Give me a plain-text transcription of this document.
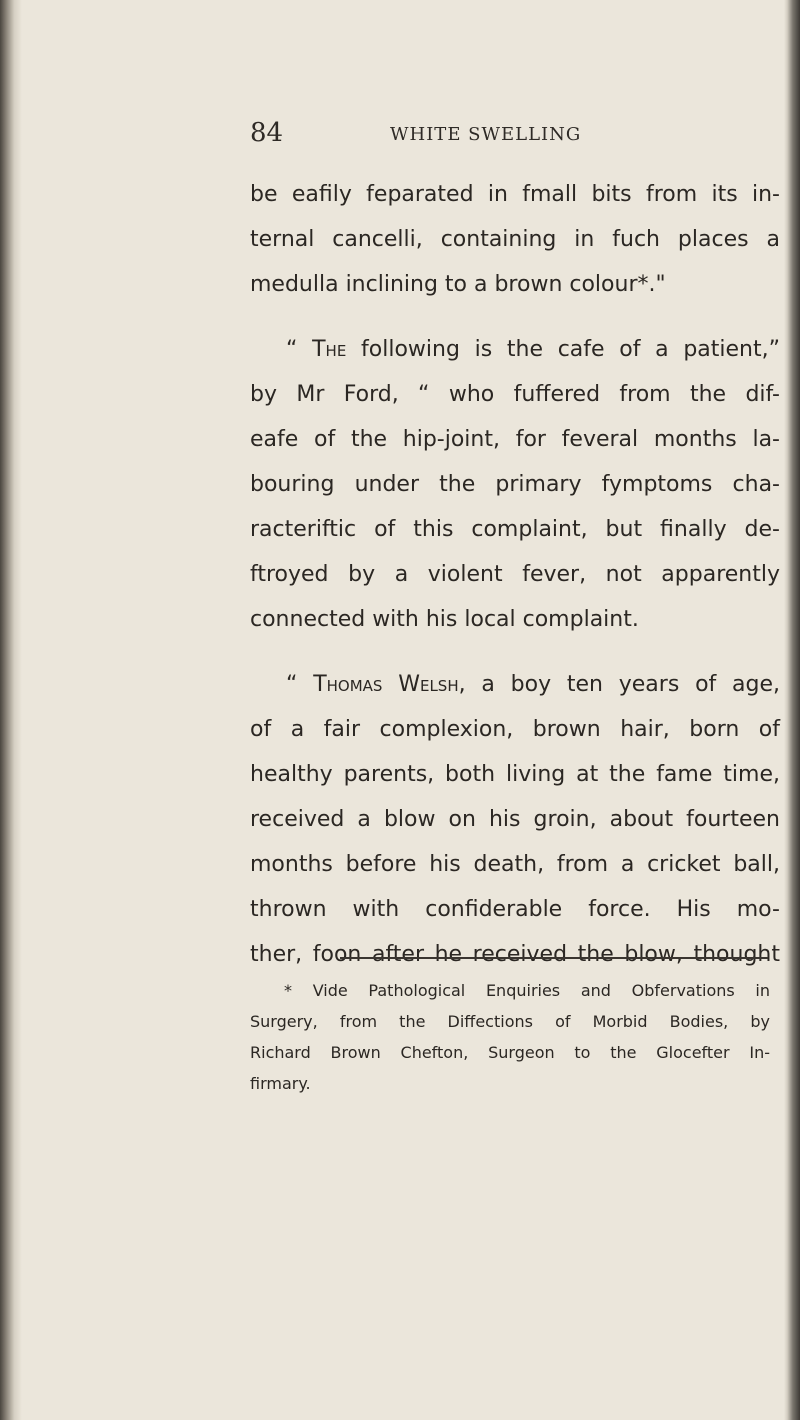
84	WHITE SWELLING
be eafily feparated in fmall bits from its in-
ternal cancelli, containing in fuch places a
medulla inclining to a brown colour*."
“ The following is the cafe of a patient,”
by Mr Ford, “ who fuffered from the dif-
eafe of the hip-joint, for feveral months la-
bouring under the primary fymptoms cha-
racteriftic of this complaint, but finally de-
ftroyed by a violent fever, not apparently
connected with his local complaint.
“ Thomas Welsh, a boy ten years of age,
of a fair complexion, brown hair, born of
healthy parents, both living at the fame time,
received a blow on his groin, about fourteen
months before his death, from a cricket ball,
thrown with confiderable force. His mo-
ther, foon after he received the blow, thought
* Vide Pathological Enquiries and Obfervations in
Surgery, from the Diffections of Morbid Bodies, by
Richard Brown Chefton, Surgeon to the Glocefter In-
firmary.
